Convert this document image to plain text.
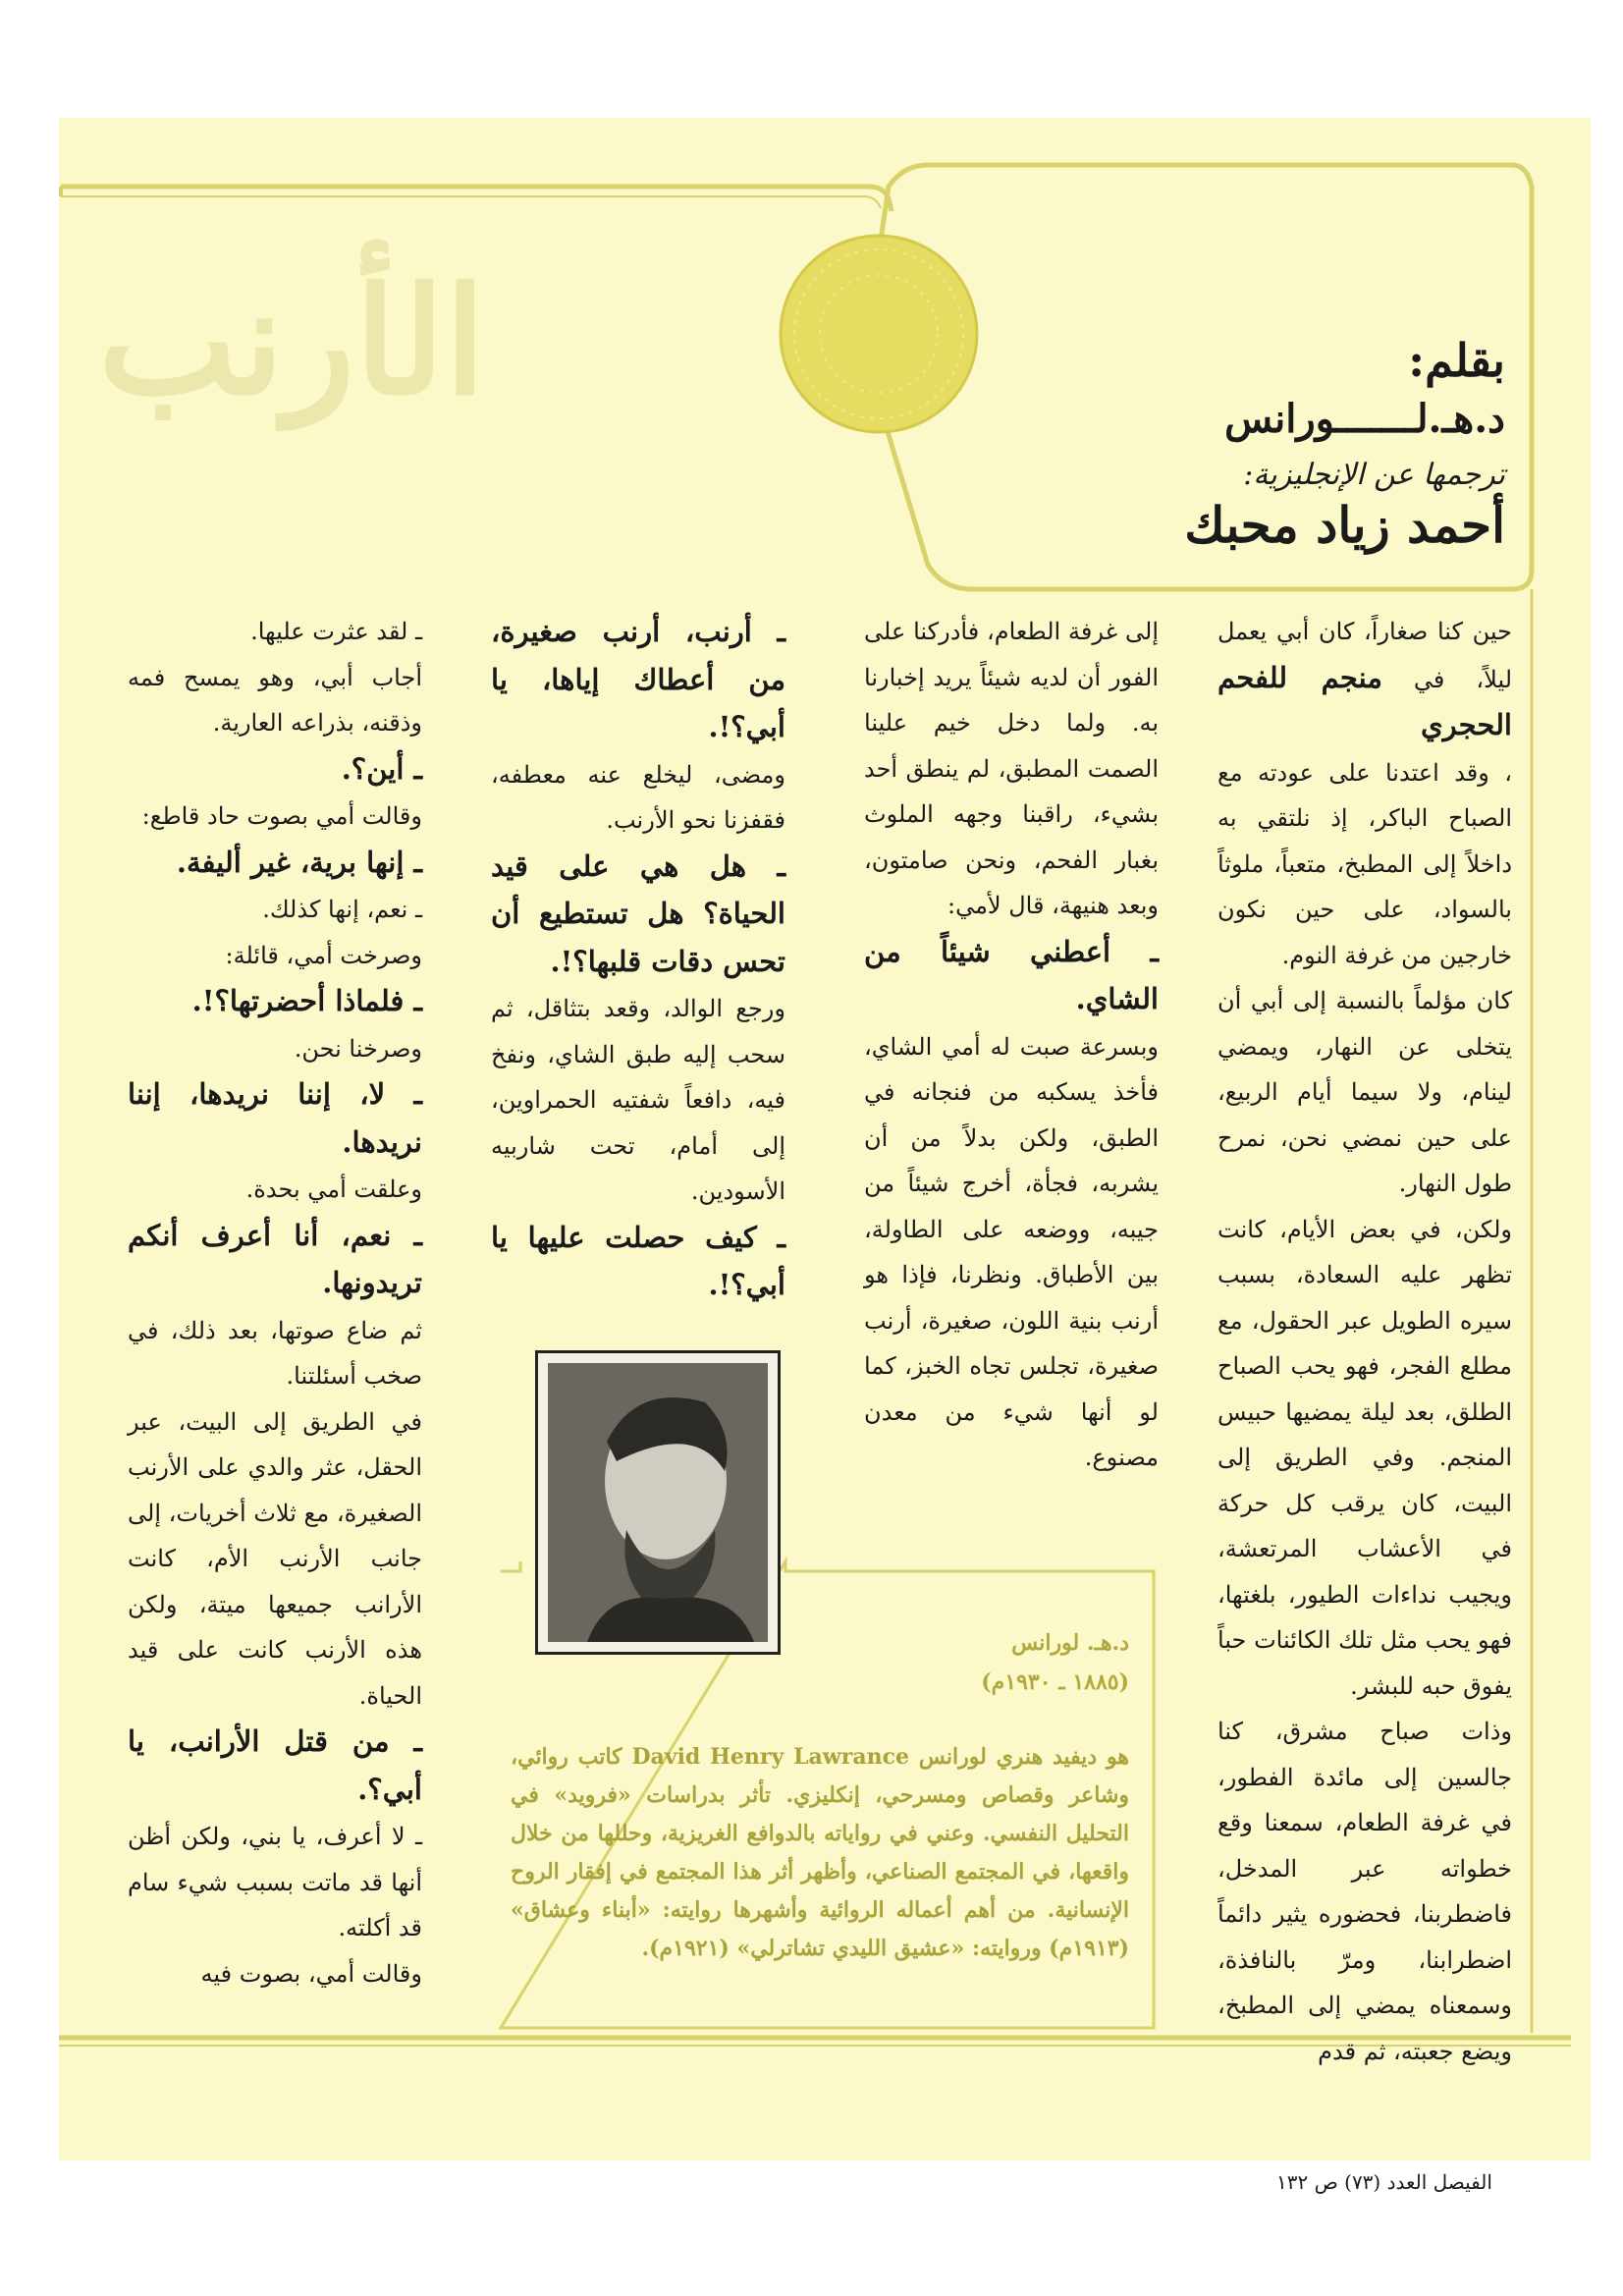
الأرنب	بقلم:
د.هـ.لـــــــورانس
ترجمها عن الإنجليزية:
أحمد زياد محبك

حين كنا صغاراً، كان أبي يعمل ليلاً، في منجم للفحم الحجري

، وقد اعتدنا على عودته مع الصباح الباكر، إذ نلتقي به داخلاً إلى المطبخ، متعباً، ملوثاً بالسواد، على حين نكون خارجين من غرفة النوم.

كان مؤلماً بالنسبة إلى أبي أن يتخلى عن النهار، ويمضي لينام، ولا سيما أيام الربيع، على حين نمضي نحن، نمرح طول النهار.

ولكن، في بعض الأيام، كانت تظهر عليه السعادة، بسبب سيره الطويل عبر الحقول، مع مطلع الفجر، فهو يحب الصباح الطلق، بعد ليلة يمضيها حبيس المنجم. وفي الطريق إلى البيت، كان يرقب كل حركة في الأعشاب المرتعشة، ويجيب نداءات الطيور، بلغتها، فهو يحب مثل تلك الكائنات حباً يفوق حبه للبشر.

وذات صباح مشرق، كنا جالسين إلى مائدة الفطور، في غرفة الطعام، سمعنا وقع خطواته عبر المدخل، فاضطربنا، فحضوره يثير دائماً اضطرابنا، ومرّ بالنافذة، وسمعناه يمضي إلى المطبخ، ويضع جعبته، ثم قدم

إلى غرفة الطعام، فأدركنا على الفور أن لديه شيئاً يريد إخبارنا به. ولما دخل خيم علينا الصمت المطبق، لم ينطق أحد بشيء، راقبنا وجهه الملوث بغبار الفحم، ونحن صامتون، وبعد هنيهة، قال لأمي:

ـ أعطني شيئاً من الشاي.

وبسرعة صبت له أمي الشاي، فأخذ يسكبه من فنجانه في الطبق، ولكن بدلاً من أن يشربه، فجأة، أخرج شيئاً من جيبه، ووضعه على الطاولة، بين الأطباق. ونظرنا، فإذا هو أرنب بنية اللون، صغيرة، أرنب صغيرة، تجلس تجاه الخبز، كما لو أنها شيء من معدن مصنوع.

ـ أرنب، أرنب صغيرة، من أعطاك إياها، يا أبي؟!.

ومضى، ليخلع عنه معطفه، فقفزنا نحو الأرنب.

ـ هل هي على قيد الحياة؟ هل تستطيع أن تحس دقات قلبها؟!.

ورجع الوالد، وقعد بتثاقل، ثم سحب إليه طبق الشاي، ونفخ فيه، دافعاً شفتيه الحمراوين، إلى أمام، تحت شاربيه الأسودين.

ـ كيف حصلت عليها يا أبي؟!.

ـ لقد عثرت عليها.

أجاب أبي، وهو يمسح فمه وذقنه، بذراعه العارية.

ـ أين؟.

وقالت أمي بصوت حاد قاطع:

ـ إنها برية، غير أليفة.

ـ نعم، إنها كذلك.

وصرخت أمي، قائلة:

ـ فلماذا أحضرتها؟!.

وصرخنا نحن.

ـ لا، إننا نريدها، إننا نريدها.

وعلقت أمي بحدة.

ـ نعم، أنا أعرف أنكم تريدونها.

ثم ضاع صوتها، بعد ذلك، في صخب أسئلتنا.

في الطريق إلى البيت، عبر الحقل، عثر والدي على الأرنب الصغيرة، مع ثلاث أخريات، إلى جانب الأرنب الأم، كانت الأرانب جميعها ميتة، ولكن هذه الأرنب كانت على قيد الحياة.

ـ من قتل الأرانب، يا أبي؟.

ـ لا أعرف، يا بني، ولكن أظن أنها قد ماتت بسبب شيء سام قد أكلته.

وقالت أمي، بصوت فيه

د.هـ. لورانس
(١٨٨٥ ـ ١٩٣٠م)
هو ديفيد هنري لورانس David Henry Lawrance كاتب روائي، وشاعر وقصاص ومسرحي، إنكليزي. تأثر بدراسات «فرويد» في التحليل النفسي. وعني في رواياته بالدوافع الغريزية، وحللها من خلال واقعها، في المجتمع الصناعي، وأظهر أثر هذا المجتمع في إفقار الروح الإنسانية. من أهم أعماله الروائية وأشهرها روايته: «أبناء وعشاق» (١٩١٣م) وروايته: «عشيق الليدي تشاترلي» (١٩٢١م).
الفيصل العدد (٧٣) ص ١٣٢
